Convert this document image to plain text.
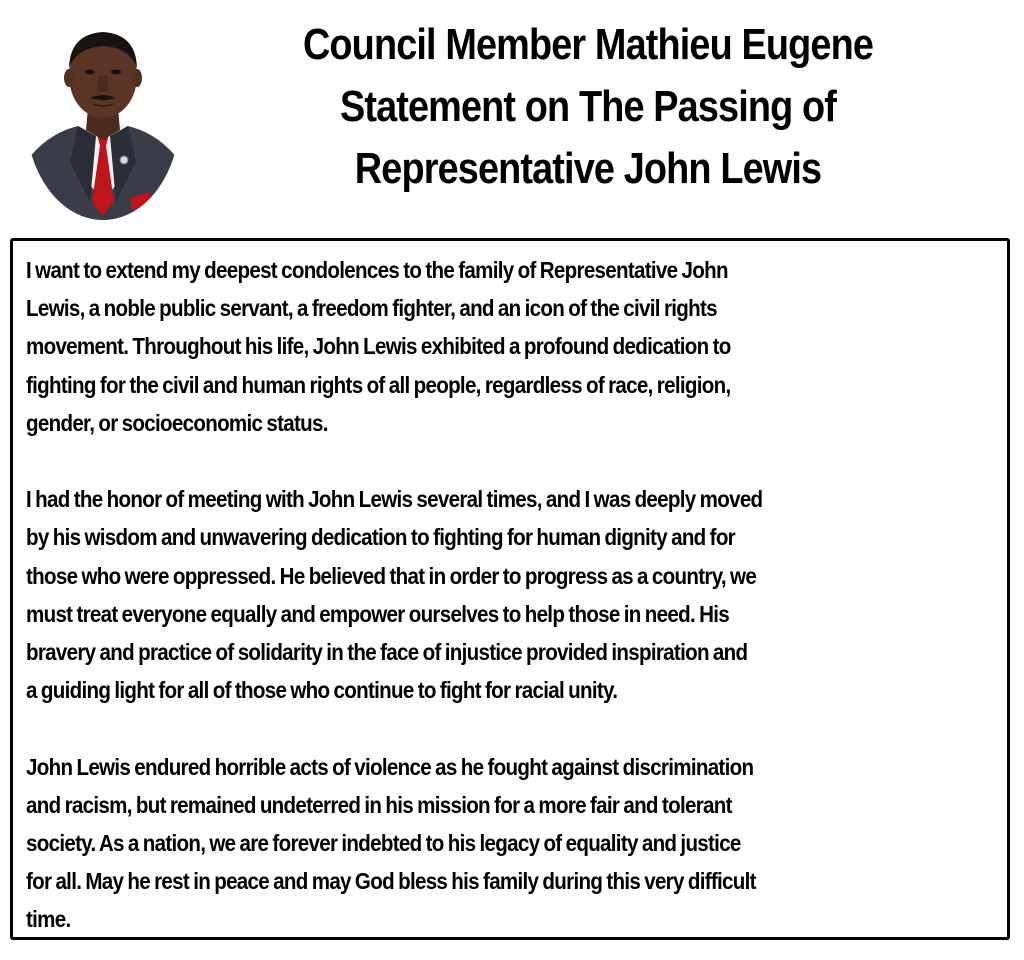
Council Member Mathieu Eugene
Statement on The Passing of
Representative John Lewis
I want to extend my deepest condolences to the family of Representative John
Lewis, a noble public servant, a freedom fighter, and an icon of the civil rights
movement. Throughout his life, John Lewis exhibited a profound dedication to
fighting for the civil and human rights of all people, regardless of race, religion,
gender, or socioeconomic status.
I had the honor of meeting with John Lewis several times, and I was deeply moved
by his wisdom and unwavering dedication to fighting for human dignity and for
those who were oppressed. He believed that in order to progress as a country, we
must treat everyone equally and empower ourselves to help those in need. His
bravery and practice of solidarity in the face of injustice provided inspiration and
a guiding light for all of those who continue to fight for racial unity.
John Lewis endured horrible acts of violence as he fought against discrimination
and racism, but remained undeterred in his mission for a more fair and tolerant
society. As a nation, we are forever indebted to his legacy of equality and justice
for all. May he rest in peace and may God bless his family during this very difficult
time.
